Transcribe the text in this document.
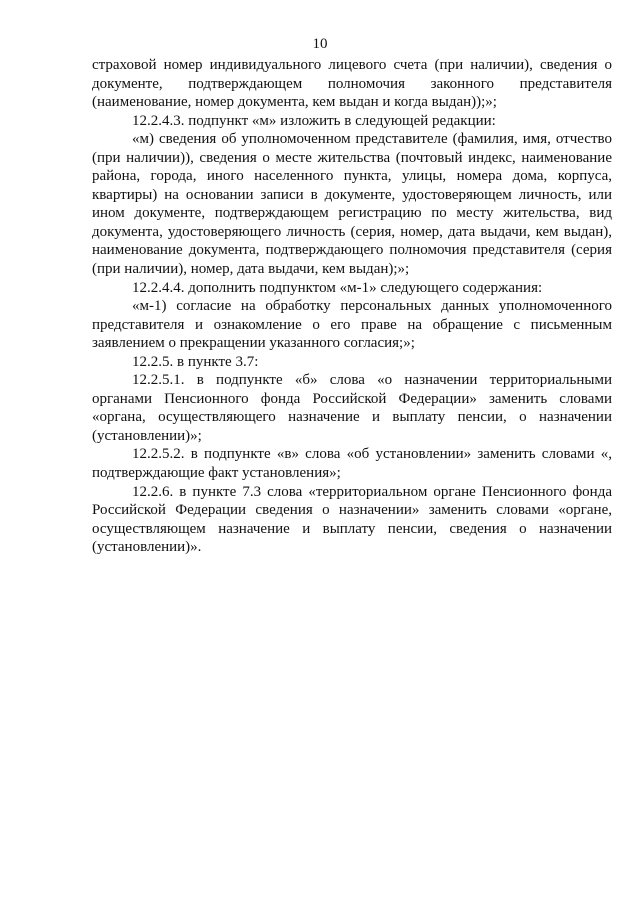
10

страховой номер индивидуального лицевого счета (при наличии), сведения о документе, подтверждающем полномочия законного представителя (наименование, номер документа, кем выдан и когда выдан));»;

12.2.4.3. подпункт «м» изложить в следующей редакции:

«м) сведения об уполномоченном представителе (фамилия, имя, отчество (при наличии)), сведения о месте жительства (почтовый индекс, наименование района, города, иного населенного пункта, улицы, номера дома, корпуса, квартиры) на основании записи в документе, удостоверяющем личность, или ином документе, подтверждающем регистрацию по месту жительства, вид документа, удостоверяющего личность (серия, номер, дата выдачи, кем выдан), наименование документа, подтверждающего полномочия представителя (серия (при наличии), номер, дата выдачи, кем выдан);»;

12.2.4.4. дополнить подпунктом «м-1» следующего содержания:

«м-1) согласие на обработку персональных данных уполномоченного представителя и ознакомление о его праве на обращение с письменным заявлением о прекращении указанного согласия;»;

12.2.5. в пункте 3.7:

12.2.5.1. в подпункте «б» слова «о назначении территориальными органами Пенсионного фонда Российской Федерации» заменить словами «органа, осуществляющего назначение и выплату пенсии, о назначении (установлении)»;

12.2.5.2. в подпункте «в» слова «об установлении» заменить словами «, подтверждающие факт установления»;

12.2.6. в пункте 7.3 слова «территориальном органе Пенсионного фонда Российской Федерации сведения о назначении» заменить словами «органе, осуществляющем назначение и выплату пенсии, сведения о назначении (установлении)».
